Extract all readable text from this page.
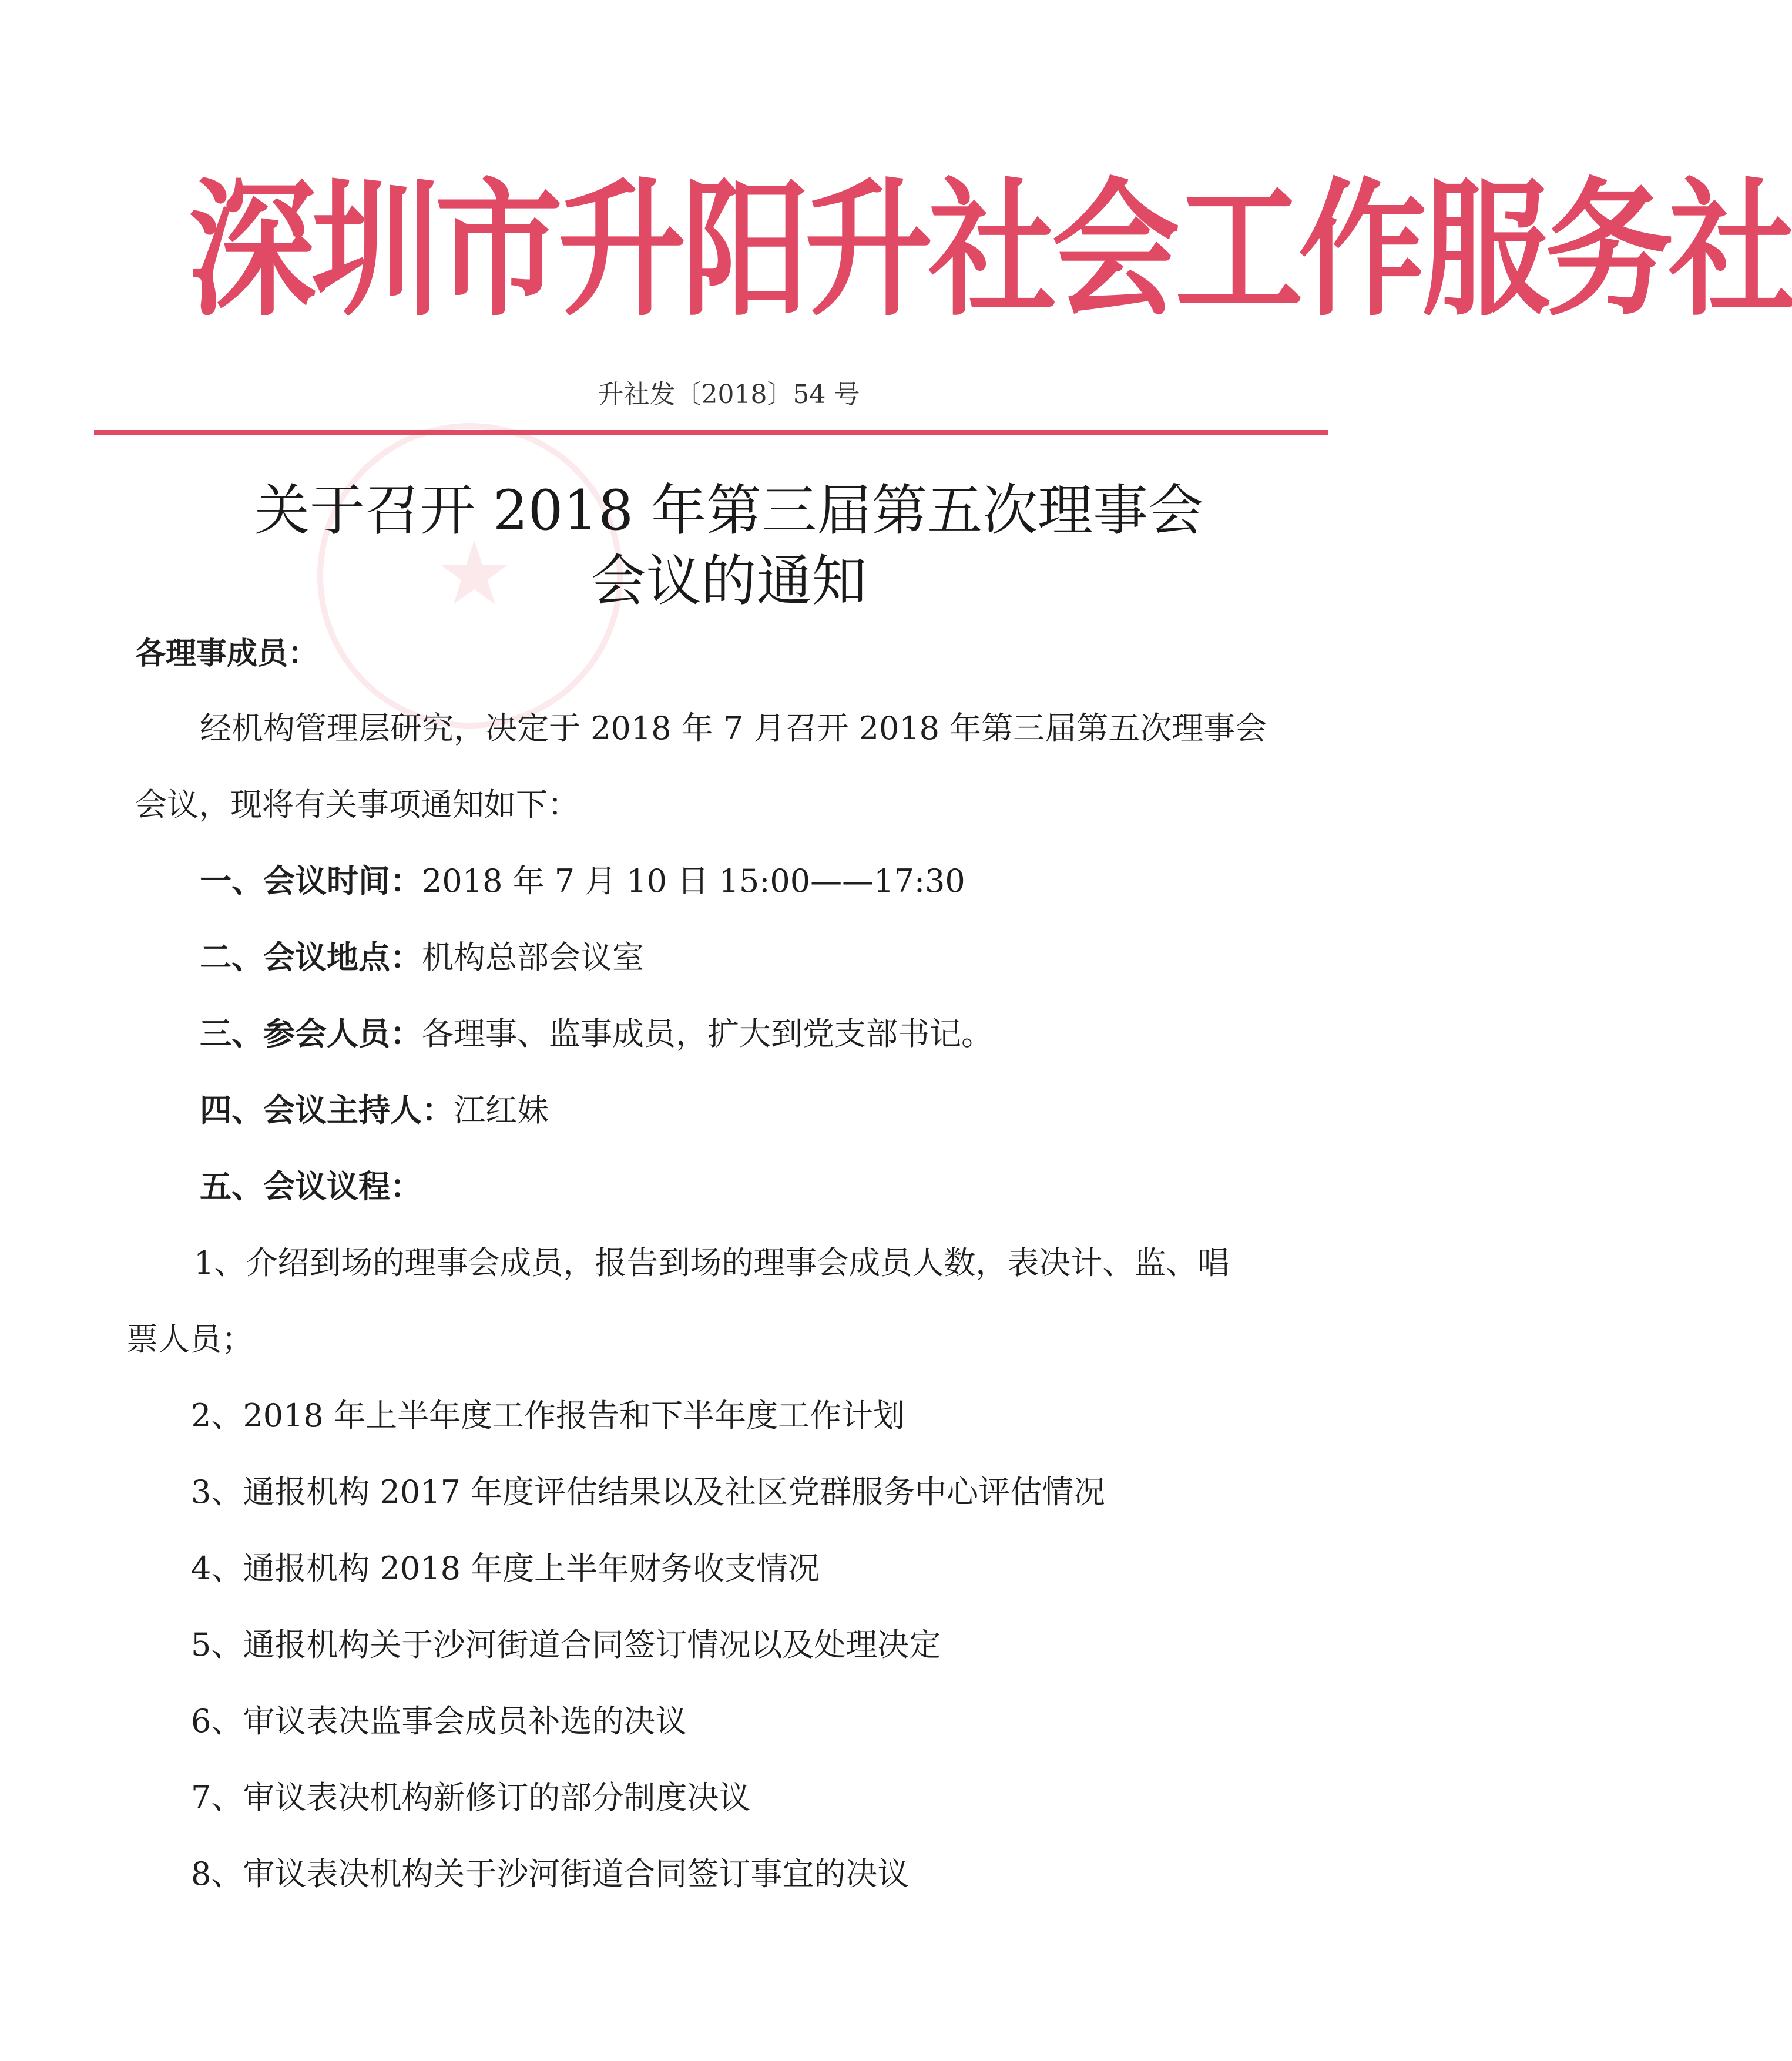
深圳市升阳升社会工作服务社
升社发〔2018〕54 号
★
关于召开 2018 年第三届第五次理事会
会议的通知
各理事成员：
经机构管理层研究，决定于 2018 年 7 月召开 2018 年第三届第五次理事会
会议，现将有关事项通知如下：
一、会议时间：2018 年 7 月 10 日 15:00——17:30
二、会议地点：机构总部会议室
三、参会人员：各理事、监事成员，扩大到党支部书记。
四、会议主持人：江红妹
五、会议议程：
1、介绍到场的理事会成员，报告到场的理事会成员人数，表决计、监、唱
票人员；
2、2018 年上半年度工作报告和下半年度工作计划
3、通报机构 2017 年度评估结果以及社区党群服务中心评估情况
4、通报机构 2018 年度上半年财务收支情况
5、通报机构关于沙河街道合同签订情况以及处理决定
6、审议表决监事会成员补选的决议
7、审议表决机构新修订的部分制度决议
8、审议表决机构关于沙河街道合同签订事宜的决议
